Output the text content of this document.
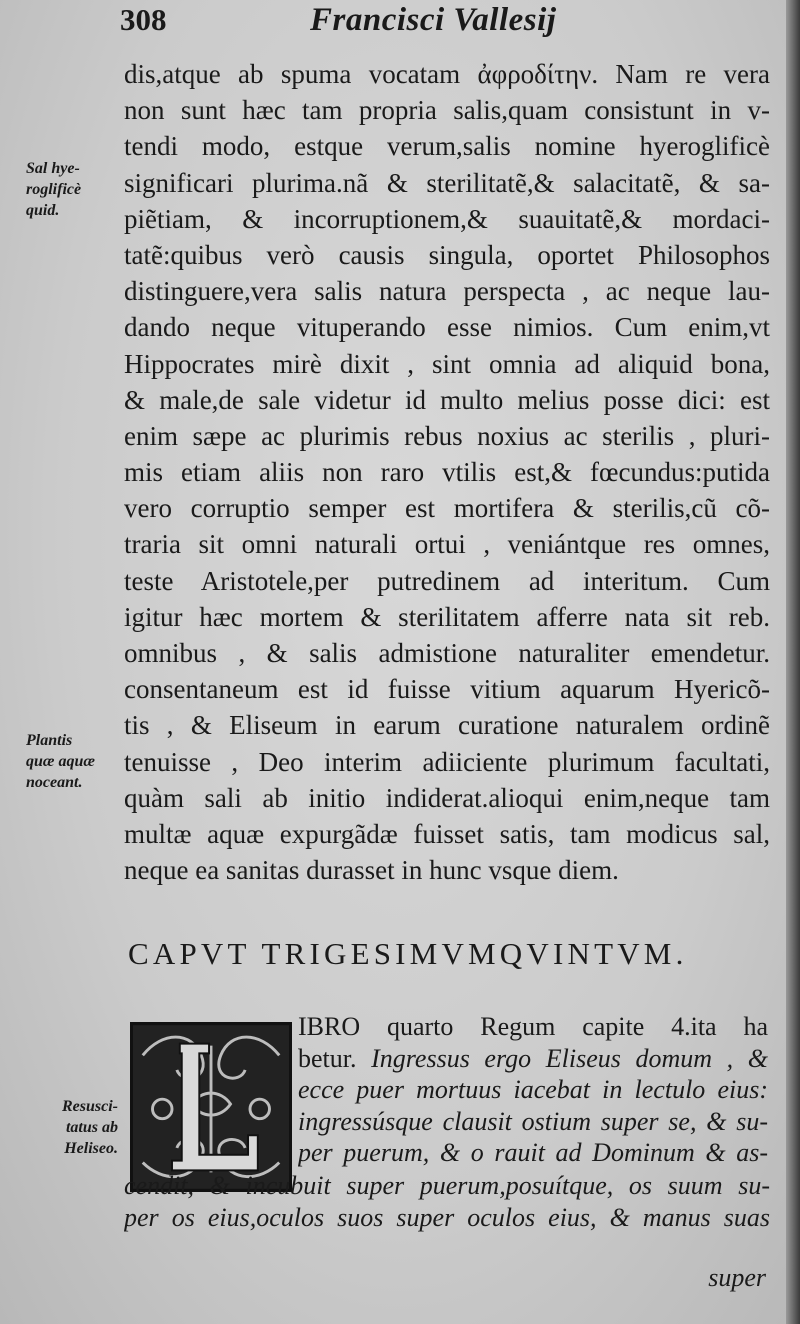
308	Francisci Vallesij
dis,atque ab spuma vocatam ἀφροδίτην. Nam re vera
non sunt hæc tam propria salis,quam consistunt in v-
tendi modo, estque verum,salis nomine hyeroglificè
significari plurima.nã & sterilitatẽ,& salacitatẽ, & sa-
piẽtiam, & incorruptionem,& suauitatẽ,& mordaci-
tatẽ:quibus verò causis singula, oportet Philosophos
distinguere,vera salis natura perspecta , ac neque lau-
dando neque vituperando esse nimios. Cum enim,vt
Hippocrates mirè dixit , sint omnia ad aliquid bona,
& male,de sale videtur id multo melius posse dici: est
enim sæpe ac plurimis rebus noxius ac sterilis , pluri-
mis etiam aliis non raro vtilis est,& fœcundus:putida
vero corruptio semper est mortifera & sterilis,cũ cõ-
traria sit omni naturali ortui , veniántque res omnes,
teste Aristotele,per putredinem ad interitum. Cum
igitur hæc mortem & sterilitatem afferre nata sit reb.
omnibus , & salis admistione naturaliter emendetur.
consentaneum est id fuisse vitium aquarum Hyericõ-
tis , & Eliseum in earum curatione naturalem ordinẽ
tenuisse , Deo interim adiiciente plurimum facultati,
quàm sali ab initio indiderat.alioqui enim,neque tam
multæ aquæ expurgãdæ fuisset satis, tam modicus sal,
neque ea sanitas durasset in hunc vsque diem.
Sal hye-
roglificè
quid.
Plantis
quæ aquæ
noceant.
CAPVT TRIGESIMVMQVINTVM.
IBRO quarto Regum capite 4.ita ha
betur. Ingressus ergo Eliseus domum , &
ecce puer mortuus iacebat in lectulo eius:
ingressúsque clausit ostium super se, & su-
per puerum, & o rauit ad Dominum & as-
Resusci-
tatus ab
Heliseo.
cendit, & incubuit super puerum,posuítque, os suum su-
per os eius,oculos suos super oculos eius, & manus suas
super
